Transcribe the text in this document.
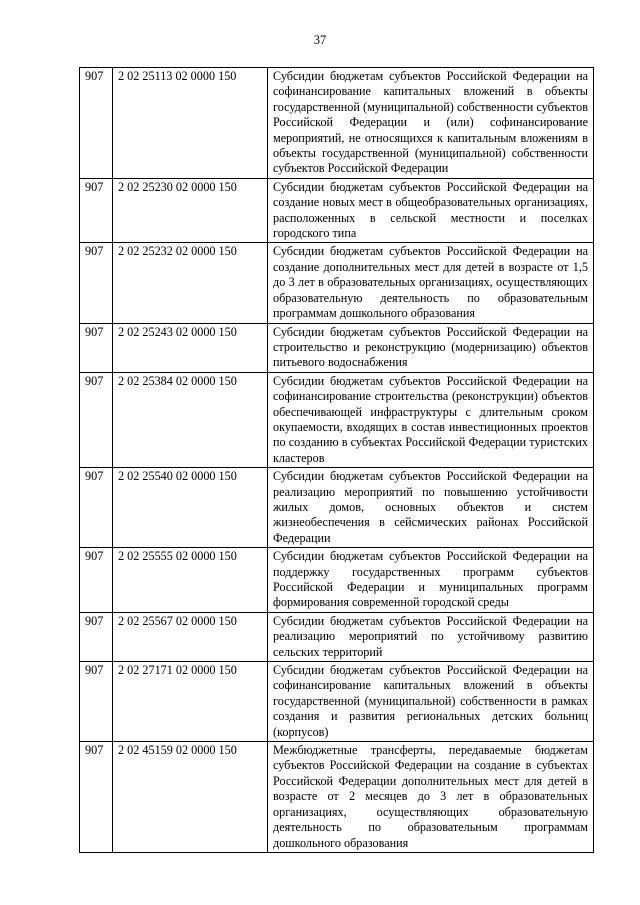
37
907	2 02 25113 02 0000 150	Субсидии бюджетам субъектов Российской Федерации на софинансирование капитальных вложений в объекты государственной (муниципальной) собственности субъектов Российской Федерации и (или) софинансирование мероприятий, не относящихся к капитальным вложениям в объекты государственной (муниципальной) собственности субъектов Российской Федерации
907	2 02 25230 02 0000 150	Субсидии бюджетам субъектов Российской Федерации на создание новых мест в общеобразовательных организациях, расположенных в сельской местности и поселках городского типа
907	2 02 25232 02 0000 150	Субсидии бюджетам субъектов Российской Федерации на создание дополнительных мест для детей в возрасте от 1,5 до 3 лет в образовательных организациях, осуществляющих образовательную деятельность по образовательным программам дошкольного образования
907	2 02 25243 02 0000 150	Субсидии бюджетам субъектов Российской Федерации на строительство и реконструкцию (модернизацию) объектов питьевого водоснабжения
907	2 02 25384 02 0000 150	Субсидии бюджетам субъектов Российской Федерации на софинансирование строительства (реконструкции) объектов обеспечивающей инфраструктуры с длительным сроком окупаемости, входящих в состав инвестиционных проектов по созданию в субъектах Российской Федерации туристских кластеров
907	2 02 25540 02 0000 150	Субсидии бюджетам субъектов Российской Федерации на реализацию мероприятий по повышению устойчивости жилых домов, основных объектов и систем жизнеобеспечения в сейсмических районах Российской Федерации
907	2 02 25555 02 0000 150	Субсидии бюджетам субъектов Российской Федерации на поддержку государственных программ субъектов Российской Федерации и муниципальных программ формирования современной городской среды
907	2 02 25567 02 0000 150	Субсидии бюджетам субъектов Российской Федерации на реализацию мероприятий по устойчивому развитию сельских территорий
907	2 02 27171 02 0000 150	Субсидии бюджетам субъектов Российской Федерации на софинансирование капитальных вложений в объекты государственной (муниципальной) собственности в рамках создания и развития региональных детских больниц (корпусов)
907	2 02 45159 02 0000 150	Межбюджетные трансферты, передаваемые бюджетам субъектов Российской Федерации на создание в субъектах Российской Федерации дополнительных мест для детей в возрасте от 2 месяцев до 3 лет в образовательных организациях, осуществляющих образовательную деятельность по образовательным программам дошкольного образования
